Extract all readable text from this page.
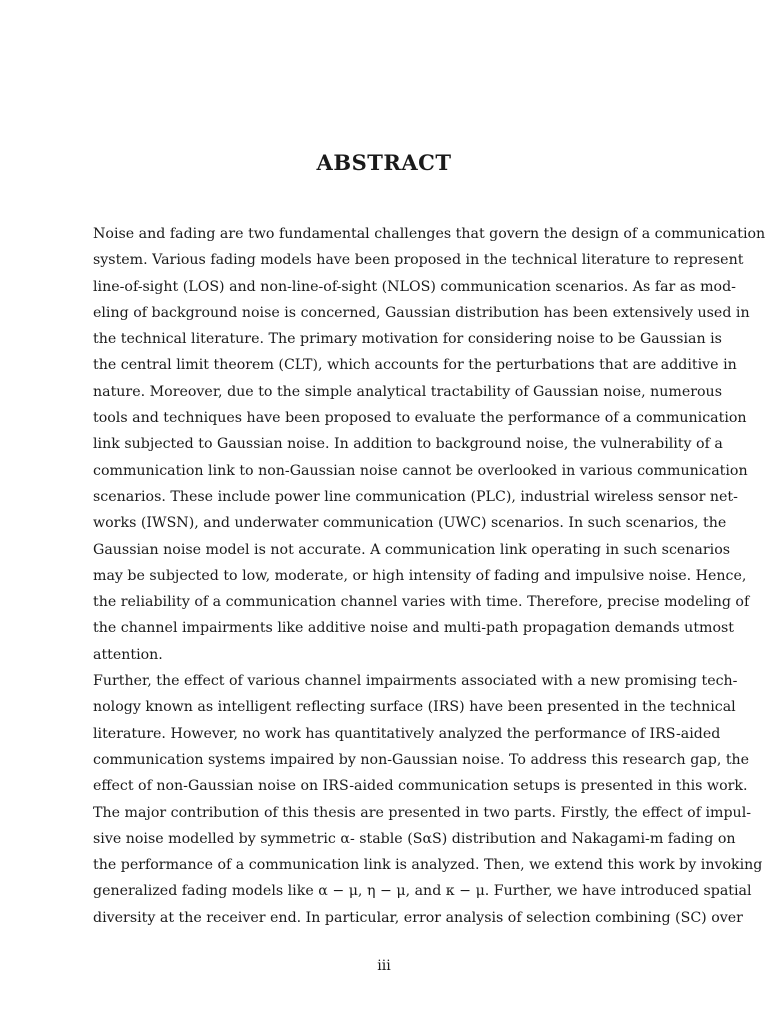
ABSTRACT
Noise and fading are two fundamental challenges that govern the design of a communication
system. Various fading models have been proposed in the technical literature to represent
line-of-sight (LOS) and non-line-of-sight (NLOS) communication scenarios. As far as mod-
eling of background noise is concerned, Gaussian distribution has been extensively used in
the technical literature. The primary motivation for considering noise to be Gaussian is
the central limit theorem (CLT), which accounts for the perturbations that are additive in
nature. Moreover, due to the simple analytical tractability of Gaussian noise, numerous
tools and techniques have been proposed to evaluate the performance of a communication
link subjected to Gaussian noise. In addition to background noise, the vulnerability of a
communication link to non-Gaussian noise cannot be overlooked in various communication
scenarios. These include power line communication (PLC), industrial wireless sensor net-
works (IWSN), and underwater communication (UWC) scenarios. In such scenarios, the
Gaussian noise model is not accurate. A communication link operating in such scenarios
may be subjected to low, moderate, or high intensity of fading and impulsive noise. Hence,
the reliability of a communication channel varies with time. Therefore, precise modeling of
the channel impairments like additive noise and multi-path propagation demands utmost
attention.
Further, the effect of various channel impairments associated with a new promising tech-
nology known as intelligent reflecting surface (IRS) have been presented in the technical
literature. However, no work has quantitatively analyzed the performance of IRS-aided
communication systems impaired by non-Gaussian noise. To address this research gap, the
effect of non-Gaussian noise on IRS-aided communication setups is presented in this work.
The major contribution of this thesis are presented in two parts. Firstly, the effect of impul-
sive noise modelled by symmetric α- stable (SαS) distribution and Nakagami-m fading on
the performance of a communication link is analyzed. Then, we extend this work by invoking
generalized fading models like α − μ, η − μ, and κ − μ. Further, we have introduced spatial
diversity at the receiver end. In particular, error analysis of selection combining (SC) over
iii
